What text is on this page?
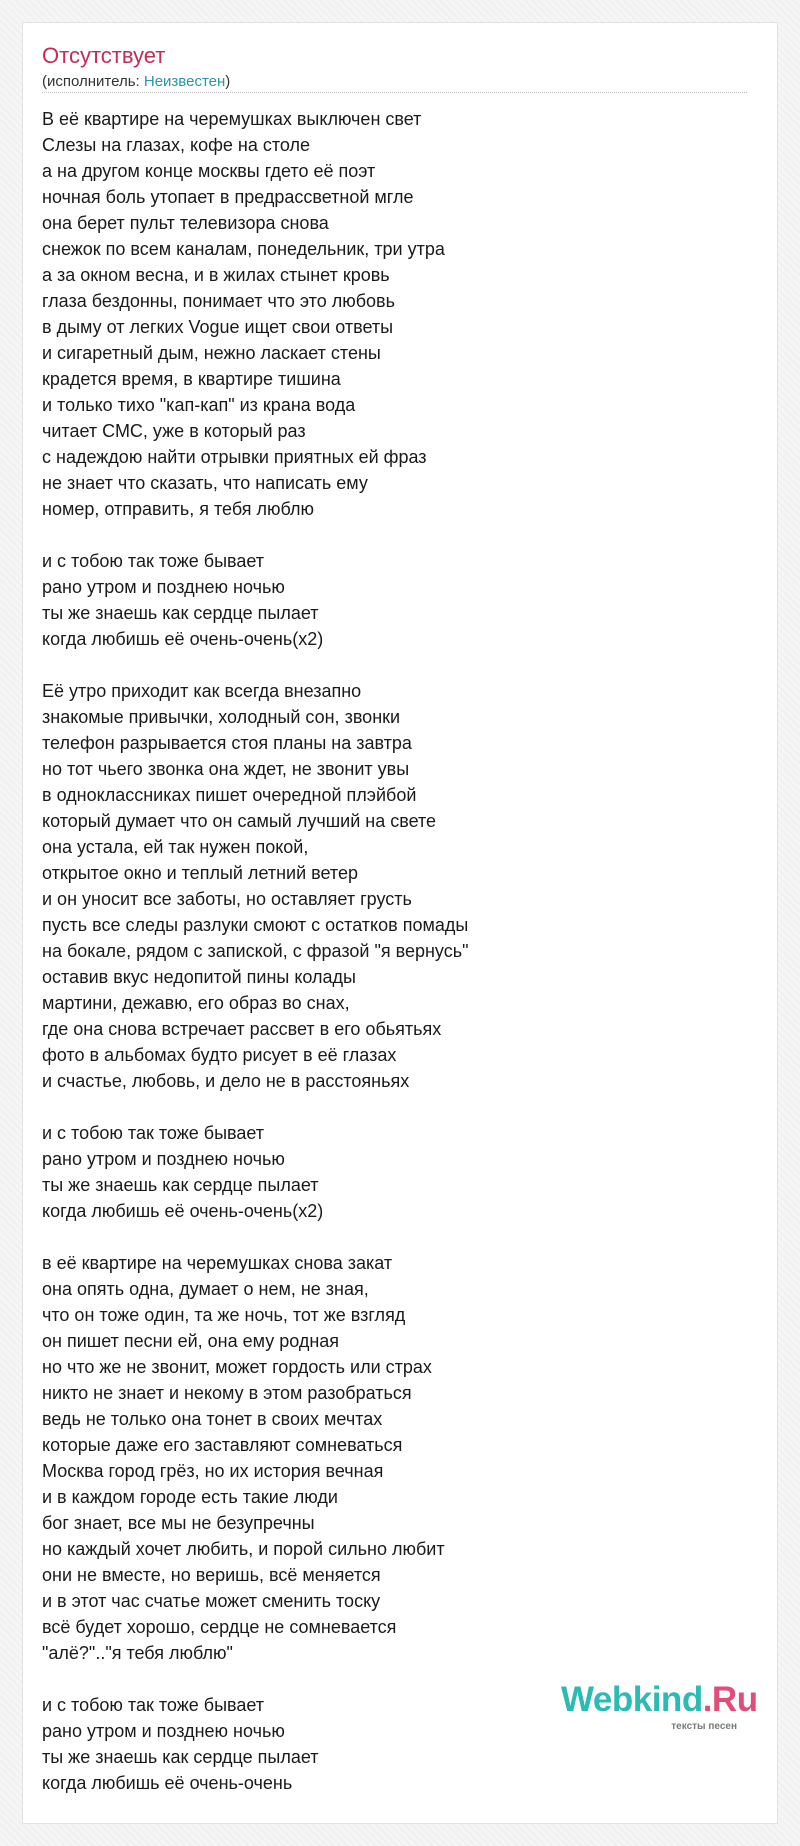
Отсутствует
(исполнитель: Неизвестен)
В её квартире на черемушках выключен свет
Слезы на глазах, кофе на столе
а на другом конце москвы гдето её поэт
ночная боль утопает в предрассветной мгле
она берет пульт телевизора снова
снежок по всем каналам, понедельник, три утра
а за окном весна, и в жилах стынет кровь
глаза бездонны, понимает что это любовь
в дыму от легких Vogue ищет свои ответы
и сигаретный дым, нежно ласкает стены
крадется время, в квартире тишина
и только тихо "кап-кап" из крана вода
читает СМС, уже в который раз
с надеждою найти отрывки приятных ей фраз
не знает что сказать, что написать ему
номер, отправить, я тебя люблю
и с тобою так тоже бывает
рано утром и позднею ночью
ты же знаешь как сердце пылает
когда любишь её очень-очень(x2)
Её утро приходит как всегда внезапно
знакомые привычки, холодный сон, звонки
телефон разрывается стоя планы на завтра
но тот чьего звонка она ждет, не звонит увы
в одноклассниках пишет очередной плэйбой
который думает что он самый лучший на свете
она устала, ей так нужен покой,
открытое окно и теплый летний ветер
и он уносит все заботы, но оставляет грусть
пусть все следы разлуки смоют с остатков помады
на бокале, рядом с запиской, с фразой "я вернусь"
оставив вкус недопитой пины колады
мартини, дежавю, его образ во снах,
где она снова встречает рассвет в его обьятьях
фото в альбомах будто рисует в её глазах
и счастье, любовь, и дело не в расстояньях
и с тобою так тоже бывает
рано утром и позднею ночью
ты же знаешь как сердце пылает
когда любишь её очень-очень(x2)
в её квартире на черемушках снова закат
она опять одна, думает о нем, не зная,
что он тоже один, та же ночь, тот же взгляд
он пишет песни ей, она ему родная
но что же не звонит, может гордость или страх
никто не знает и некому в этом разобраться
ведь не только она тонет в своих мечтах
которые даже его заставляют сомневаться
Москва город грёз, но их история вечная
и в каждом городе есть такие люди
бог знает, все мы не безупречны
но каждый хочет любить, и порой сильно любит
они не вместе, но веришь, всё меняется
и в этот час счатье может сменить тоску
всё будет хорошо, сердце не сомневается
"алё?".."я тебя люблю"
и с тобою так тоже бывает
рано утром и позднею ночью
ты же знаешь как сердце пылает
когда любишь её очень-очень
Webkind.Ru
тексты песен
